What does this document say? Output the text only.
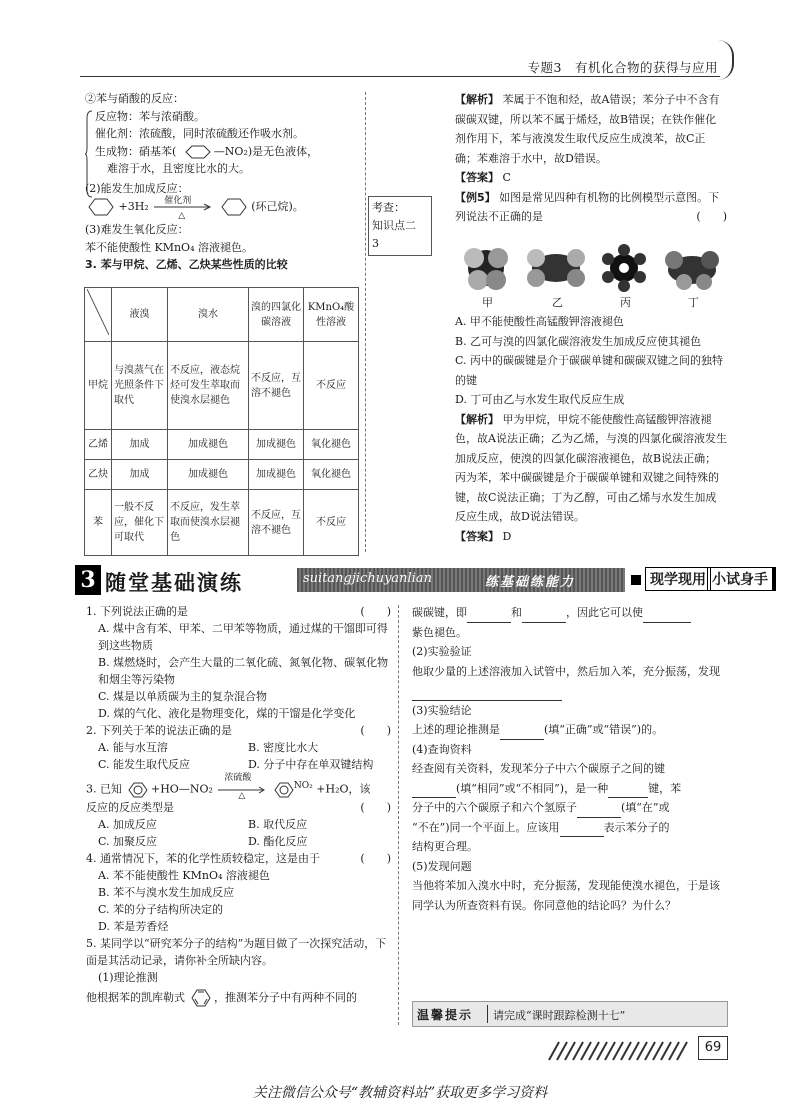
专题3　有机化合物的获得与应用
②苯与硝酸的反应：
反应物：苯与浓硝酸。
催化剂：浓硫酸，同时浓硫酸还作吸水剂。
生成物：硝基苯(	—NO₂)是无色液体，
难溶于水，且密度比水的大。
(2)能发生加成反应：
+3H₂ 催化剂
△
(环己烷)。
(3)难发生氧化反应：
苯不能使酸性 KMnO₄ 溶液褪色。
3. 苯与甲烷、乙烯、乙炔某些性质的比较
考查：
知识点二
3
	液溴	溴水	溴的四氯化碳溶液	KMnO₄酸性溶液
甲烷	与溴蒸气在光照条件下取代	不反应，液态烷烃可发生萃取而使溴水层褪色	不反应，互溶不褪色	不反应
乙烯	加成	加成褪色	加成褪色	氧化褪色
乙炔	加成	加成褪色	加成褪色	氧化褪色
苯	一般不反应，催化下可取代	不反应，发生萃取而使溴水层褪色	不反应，互溶不褪色	不反应
【解析】 苯属于不饱和烃，故A错误；苯分子中不含有碳碳双键，所以苯不属于烯烃，故B错误；在铁作催化剂作用下，苯与液溴发生取代反应生成溴苯，故C正确；苯难溶于水中，故D错误。
【答案】 C
【例5】 如图是常见四种有机物的比例模型示意图。下列说法不正确的是	(　　)
甲	乙	丙	丁
A. 甲不能使酸性高锰酸钾溶液褪色
B. 乙可与溴的四氯化碳溶液发生加成反应使其褪色
C. 丙中的碳碳键是介于碳碳单键和碳碳双键之间的独特的键
D. 丁可由乙与水发生取代反应生成
【解析】 甲为甲烷，甲烷不能使酸性高锰酸钾溶液褪色，故A说法正确；乙为乙烯，与溴的四氯化碳溶液发生加成反应，使溴的四氯化碳溶液褪色，故B说法正确；丙为苯，苯中碳碳键是介于碳碳单键和双键之间特殊的键，故C说法正确；丁为乙醇，可由乙烯与水发生加成反应生成，故D说法错误。
【答案】 D
3 随堂基础演练	suitangjichuyanlian	练基础练能力	现学现用 小试身手
1. 下列说法正确的是	(　　)
A. 煤中含有苯、甲苯、二甲苯等物质，通过煤的干馏即可得到这些物质
B. 煤燃烧时，会产生大量的二氧化硫、氮氧化物、碳氧化物和烟尘等污染物
C. 煤是以单质碳为主的复杂混合物
D. 煤的气化、液化是物理变化，煤的干馏是化学变化
2. 下列关于苯的说法正确的是	(　　)
A. 能与水互溶	B. 密度比水大
C. 能发生取代反应	D. 分子中存在单双键结构
3. 已知	+HO—NO₂
浓硫酸
△
$^{NO_2}$ +H₂O，该
反应的反应类型是	(　　)
A. 加成反应	B. 取代反应
C. 加聚反应	D. 酯化反应
4. 通常情况下，苯的化学性质较稳定，这是由于	(　　)
A. 苯不能使酸性 KMnO₄ 溶液褪色
B. 苯不与溴水发生加成反应
C. 苯的分子结构所决定的
D. 苯是芳香烃
5. 某同学以“研究苯分子的结构”为题目做了一次探究活动，下面是其活动记录，请你补全所缺内容。
(1)理论推测
他根据苯的凯库勒式	，推测苯分子中有两种不同的
碳碳键，即	和	，因此它可以使
紫色褪色。
(2)实验验证
他取少量的上述溶液加入试管中，然后加入苯，充分振荡，发现
(3)实验结论
上述的理论推测是	(填“正确”或“错误”)的。
(4)查询资料
经查阅有关资料，发现苯分子中六个碳原子之间的键
(填“相同”或“不相同”)，是一种	键，苯
分子中的六个碳原子和六个氢原子	(填“在”或
“不在”)同一个平面上。应该用	表示苯分子的
结构更合理。
(5)发现问题
当他将苯加入溴水中时，充分振荡，发现能使溴水褪色，于是该同学认为所查资料有误。你同意他的结论吗？为什么？
温馨提示 请完成“课时跟踪检测十七”
69
关注微信公众号“教辅资料站”获取更多学习资料
